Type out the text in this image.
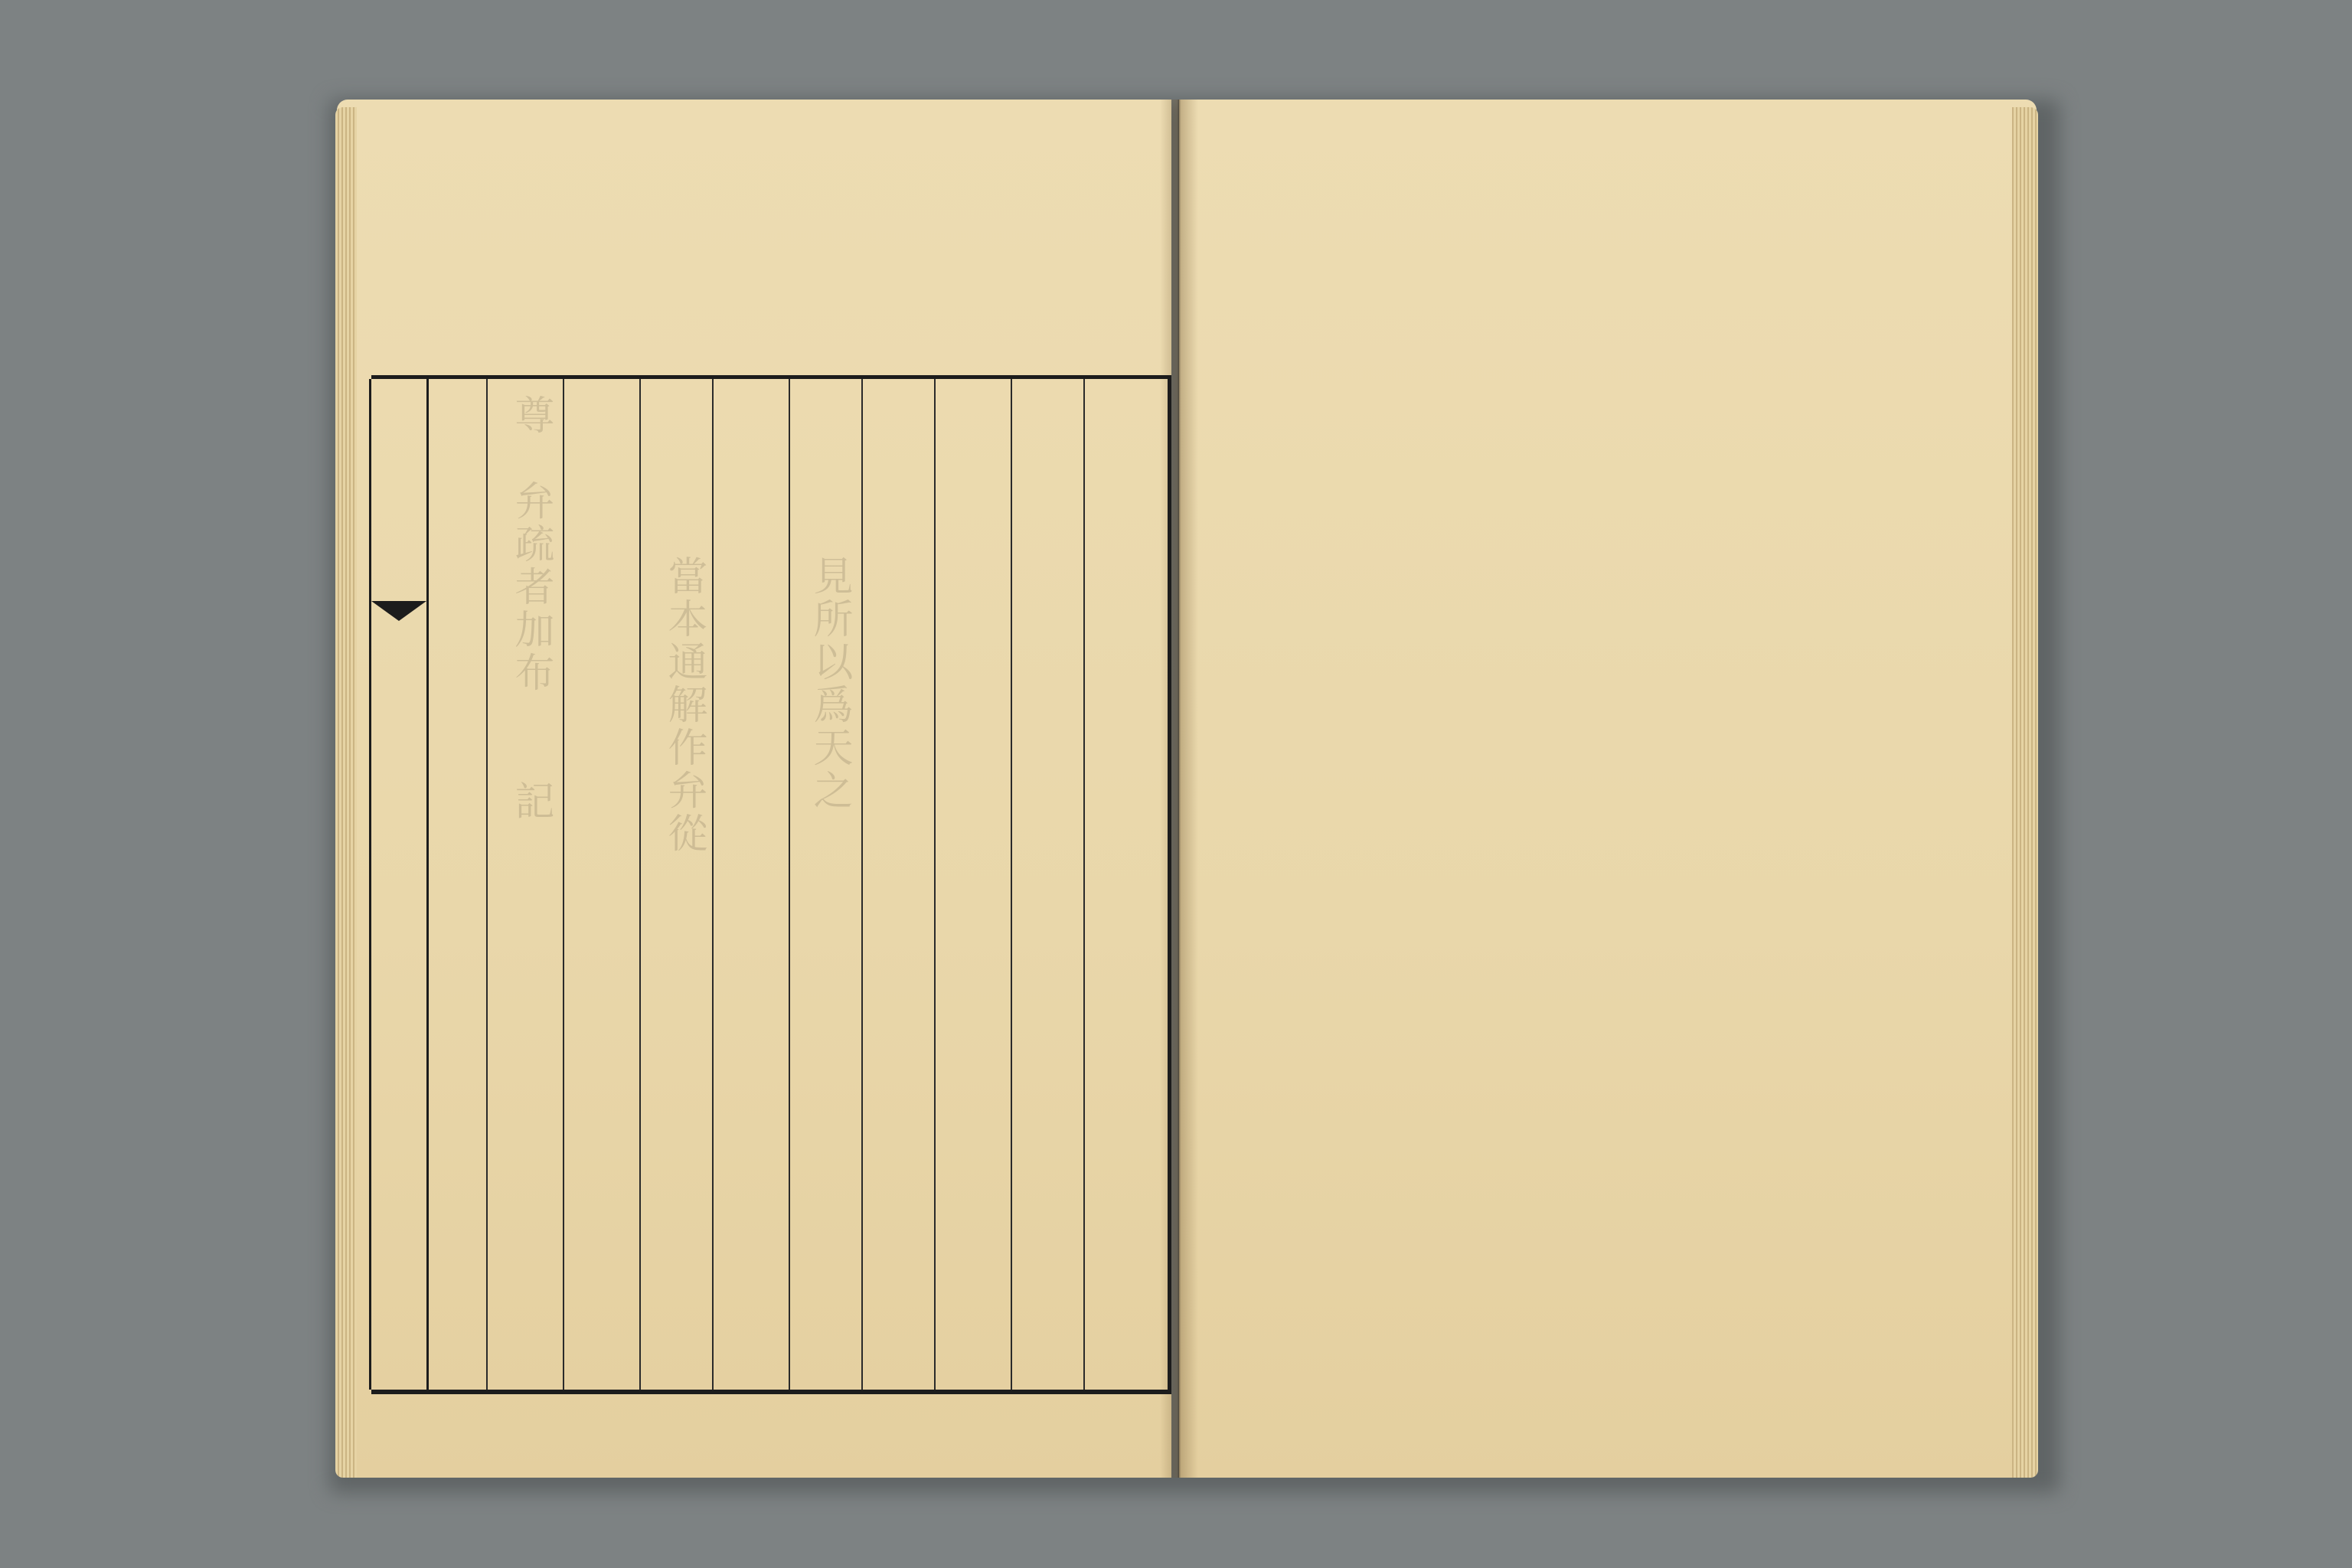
尊　弁疏者加布　　記	當本通解作弁從	見所以爲天之
